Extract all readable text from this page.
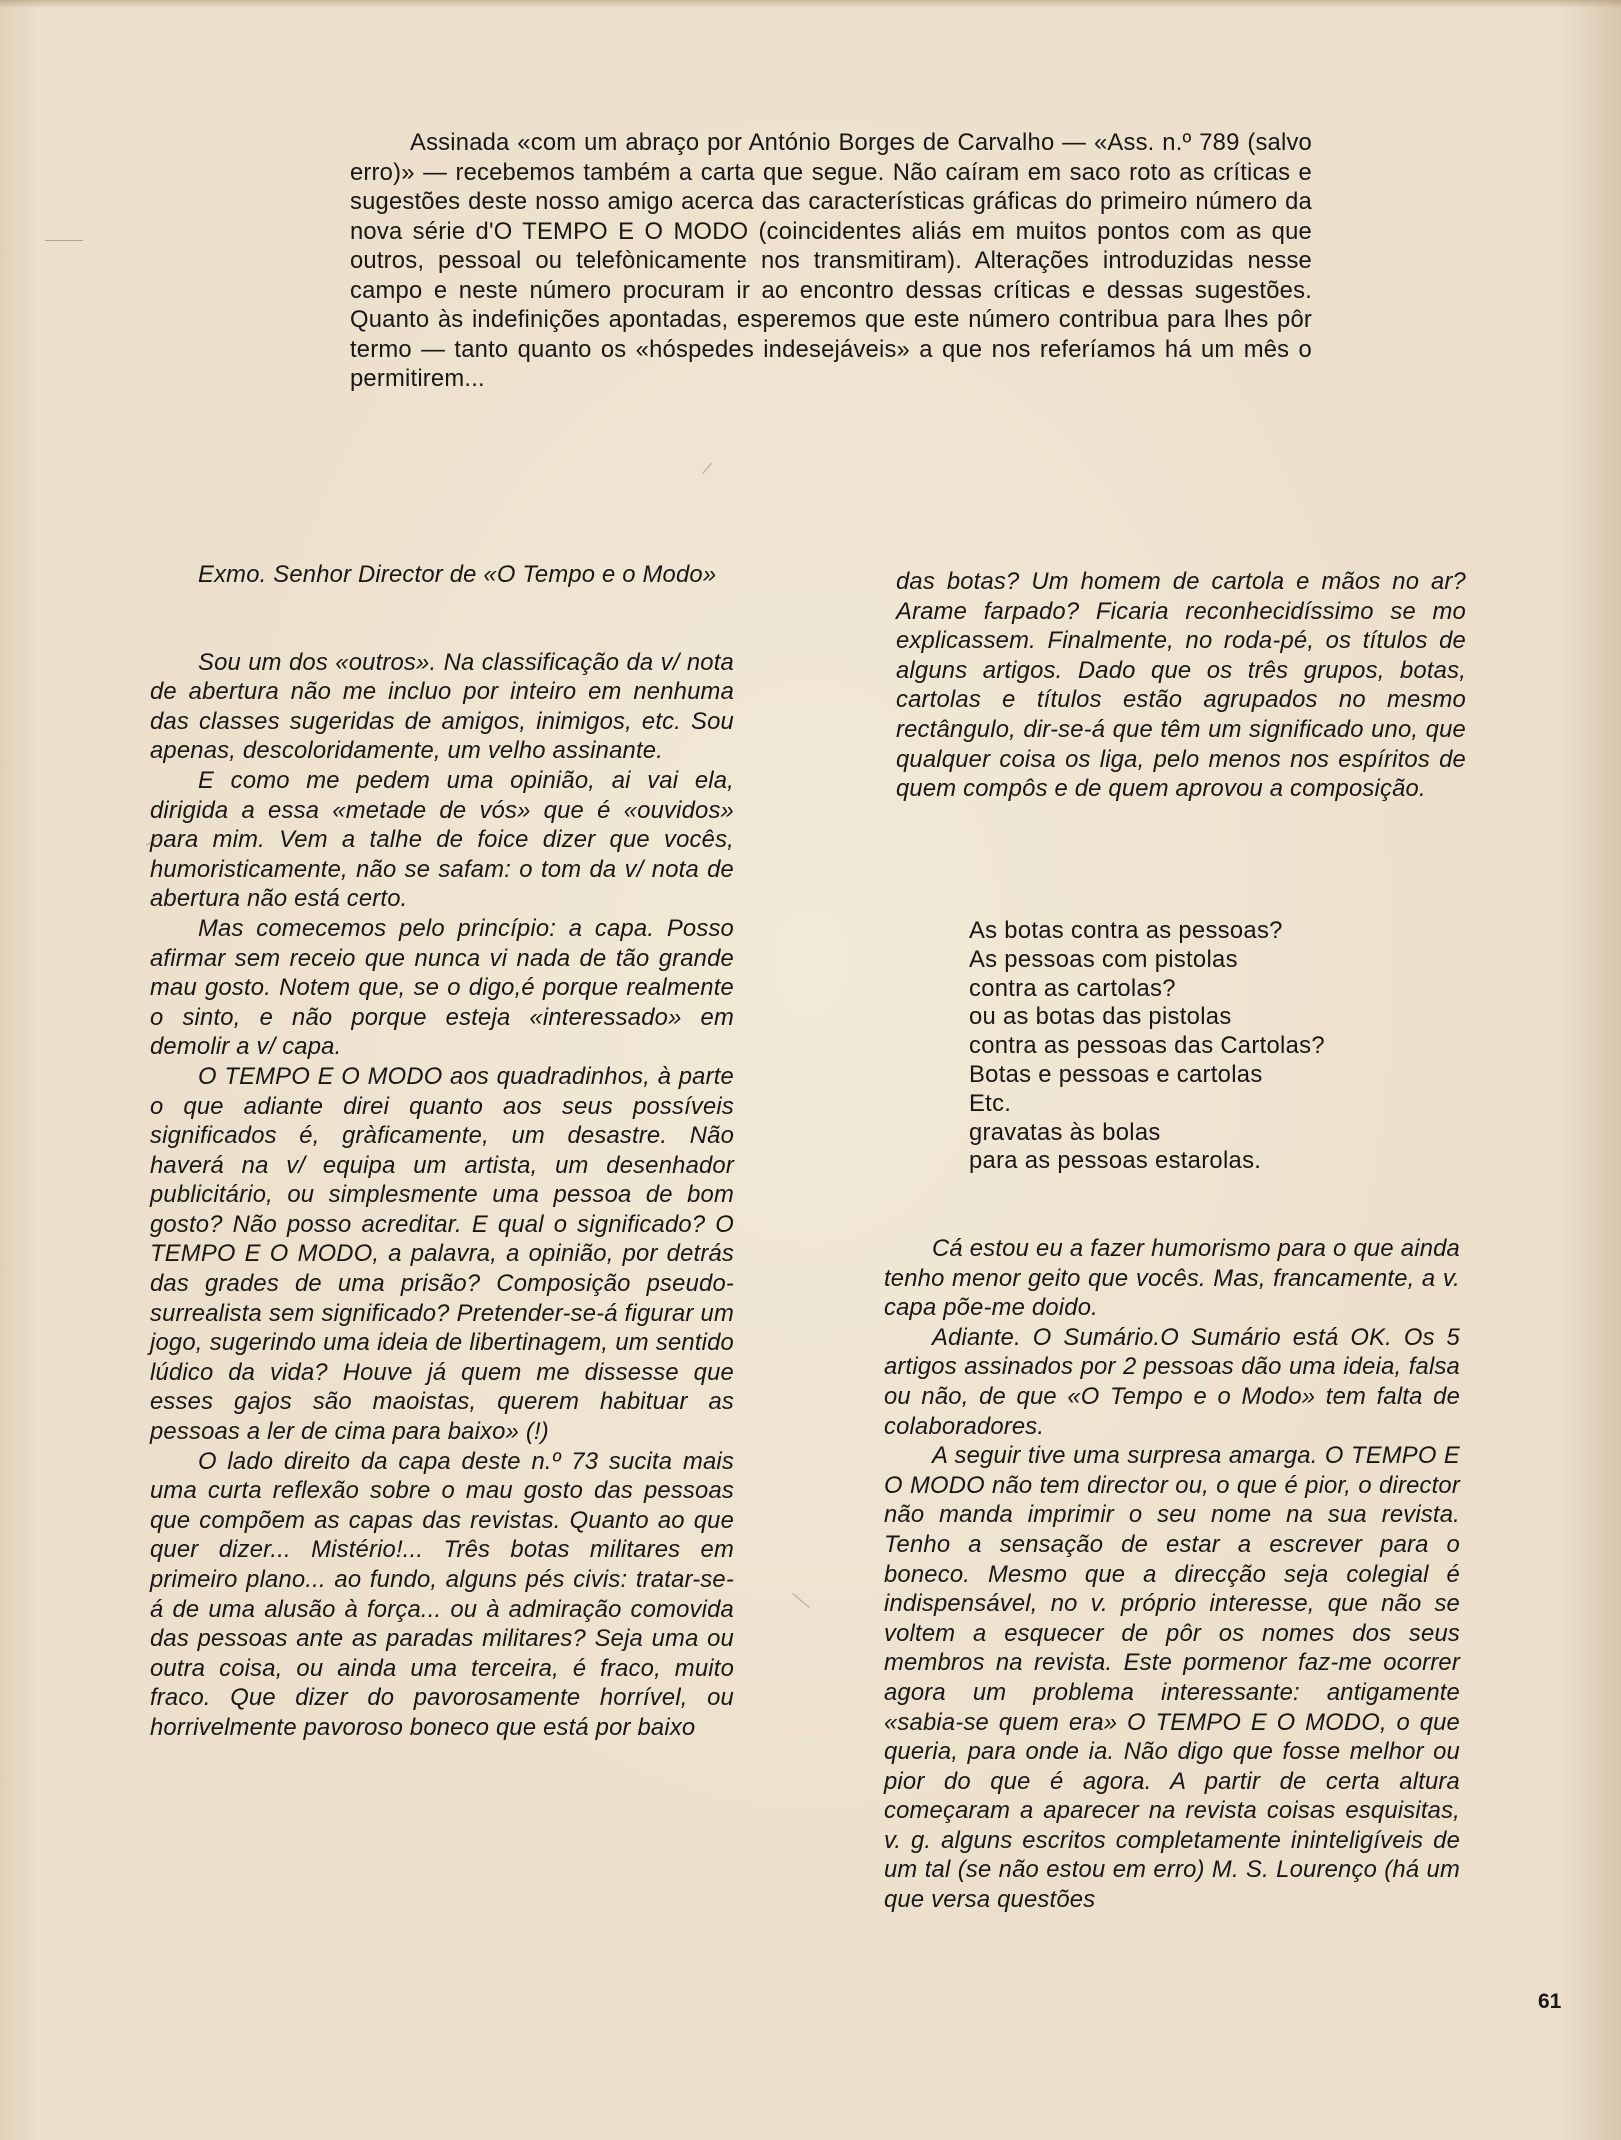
Assinada «com um abraço por António Borges de Carvalho — «Ass. n.º 789 (salvo erro)» — recebemos também a carta que segue. Não caíram em saco roto as críticas e sugestões deste nosso amigo acerca das características gráficas do primeiro número da nova série d'O TEMPO E O MODO (coincidentes aliás em muitos pontos com as que outros, pessoal ou telefònicamente nos transmitiram). Alterações introduzidas nesse campo e neste número procuram ir ao encontro dessas críticas e dessas sugestões. Quanto às indefinições apontadas, esperemos que este número contribua para lhes pôr termo — tanto quanto os «hóspedes indesejáveis» a que nos referíamos há um mês o permitirem...

Exmo. Senhor Director de «O Tempo e o Modo»

Sou um dos «outros». Na classificação da v/ nota de abertura não me incluo por inteiro em nenhuma das classes sugeridas de amigos, inimigos, etc. Sou apenas, descoloridamente, um velho assinante.

E como me pedem uma opinião, ai vai ela, dirigida a essa «metade de vós» que é «ouvidos» para mim. Vem a talhe de foice dizer que vocês, humoristicamente, não se safam: o tom da v/ nota de abertura não está certo.

Mas comecemos pelo princípio: a capa. Posso afirmar sem receio que nunca vi nada de tão grande mau gosto. Notem que, se o digo,é porque realmente o sinto, e não porque esteja «interessado» em demolir a v/ capa.

O TEMPO E O MODO aos quadradinhos, à parte o que adiante direi quanto aos seus possíveis significados é, gràficamente, um desastre. Não haverá na v/ equipa um artista, um desenhador publicitário, ou simplesmente uma pessoa de bom gosto? Não posso acreditar. E qual o significado? O TEMPO E O MODO, a palavra, a opinião, por detrás das grades de uma prisão? Composição pseudo-surrealista sem significado? Pretender-se-á figurar um jogo, sugerindo uma ideia de libertinagem, um sentido lúdico da vida? Houve já quem me dissesse que esses gajos são maoistas, querem habituar as pessoas a ler de cima para baixo» (!)

O lado direito da capa deste n.º 73 sucita mais uma curta reflexão sobre o mau gosto das pessoas que compõem as capas das revistas. Quanto ao que quer dizer... Mistério!... Três botas militares em primeiro plano... ao fundo, alguns pés civis: tratar-se-á de uma alusão à força... ou à admiração comovida das pessoas ante as paradas militares? Seja uma ou outra coisa, ou ainda uma terceira, é fraco, muito fraco. Que dizer do pavorosamente horrível, ou horrivelmente pavoroso boneco que está por baixo

das botas? Um homem de cartola e mãos no ar? Arame farpado? Ficaria reconhecidíssimo se mo explicassem. Finalmente, no roda-pé, os títulos de alguns artigos. Dado que os três grupos, botas, cartolas e títulos estão agrupados no mesmo rectângulo, dir-se-á que têm um significado uno, que qualquer coisa os liga, pelo menos nos espíritos de quem compôs e de quem aprovou a composição.

As botas contra as pessoas?
As pessoas com pistolas
contra as cartolas?
ou as botas das pistolas
contra as pessoas das Cartolas?
Botas e pessoas e cartolas
Etc.
gravatas às bolas
para as pessoas estarolas.

Cá estou eu a fazer humorismo para o que ainda tenho menor geito que vocês. Mas, francamente, a v. capa põe-me doido.

Adiante. O Sumário.O Sumário está OK. Os 5 artigos assinados por 2 pessoas dão uma ideia, falsa ou não, de que «O Tempo e o Modo» tem falta de colaboradores.

A seguir tive uma surpresa amarga. O TEMPO E O MODO não tem director ou, o que é pior, o director não manda imprimir o seu nome na sua revista. Tenho a sensação de estar a escrever para o boneco. Mesmo que a direcção seja colegial é indispensável, no v. próprio interesse, que não se voltem a esquecer de pôr os nomes dos seus membros na revista. Este pormenor faz-me ocorrer agora um problema interessante: antigamente «sabia-se quem era» O TEMPO E O MODO, o que queria, para onde ia. Não digo que fosse melhor ou pior do que é agora. A partir de certa altura começaram a aparecer na revista coisas esquisitas, v. g. alguns escritos completamente ininteligíveis de um tal (se não estou em erro) M. S. Lourenço (há um que versa questões

61
